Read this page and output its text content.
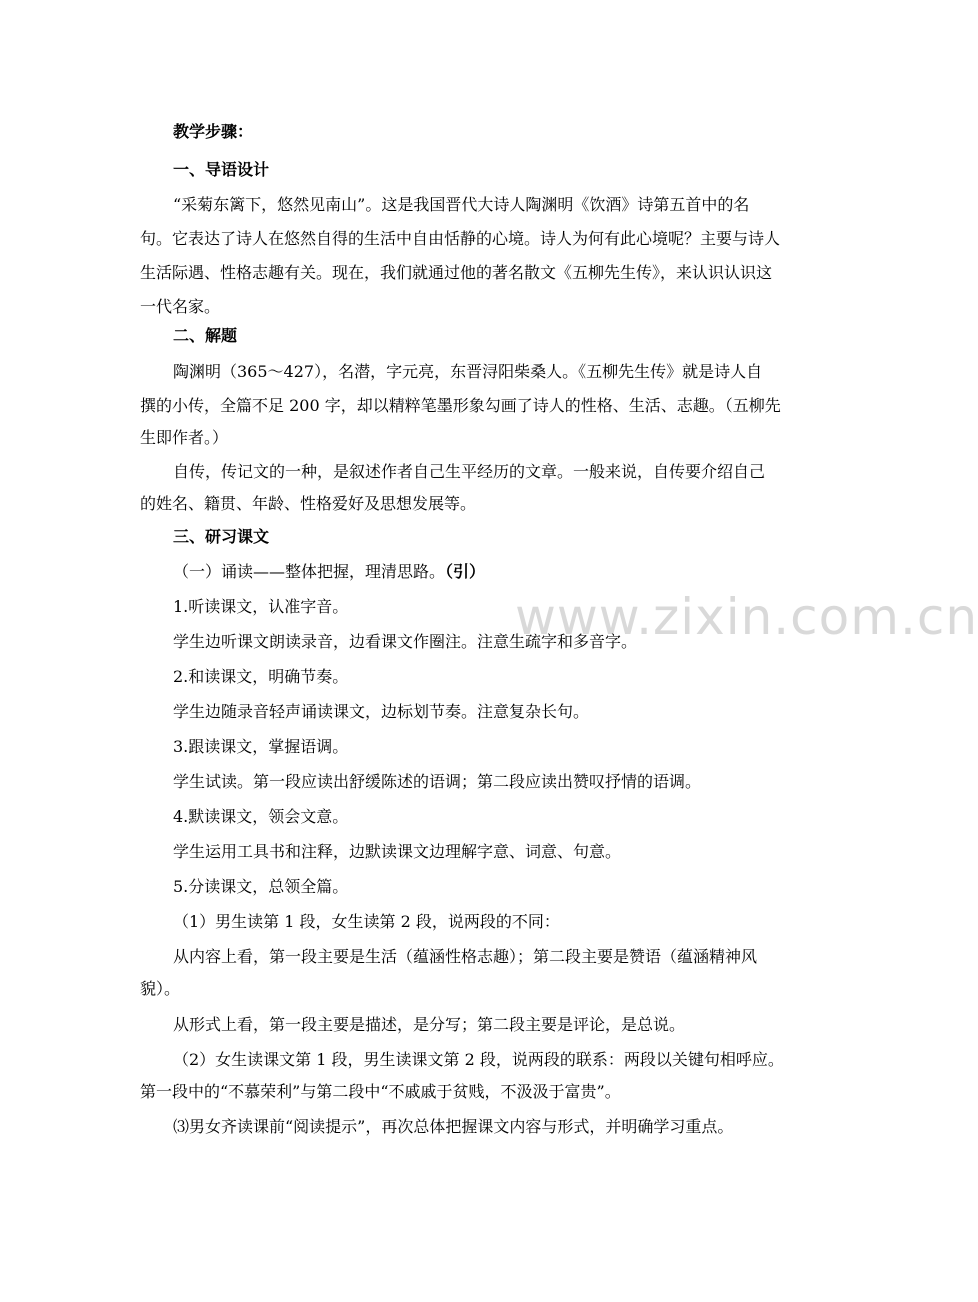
www.zixin.com.cn
教学步骤：
一、导语设计
“采菊东篱下，悠然见南山”。这是我国晋代大诗人陶渊明《饮酒》诗第五首中的名
句。它表达了诗人在悠然自得的生活中自由恬静的心境。诗人为何有此心境呢？主要与诗人
生活际遇、性格志趣有关。现在，我们就通过他的著名散文《五柳先生传》，来认识认识这
一代名家。
二、解题
陶渊明（365～427），名潜，字元亮，东晋浔阳柴桑人。《五柳先生传》就是诗人自
撰的小传，全篇不足 200 字，却以精粹笔墨形象勾画了诗人的性格、生活、志趣。（五柳先
生即作者。）
自传，传记文的一种，是叙述作者自己生平经历的文章。一般来说，自传要介绍自己
的姓名、籍贯、年龄、性格爱好及思想发展等。
三、研习课文
（一）诵读——整体把握，理清思路。（引）
1.听读课文，认准字音。
学生边听课文朗读录音，边看课文作圈注。注意生疏字和多音字。
2.和读课文，明确节奏。
学生边随录音轻声诵读课文，边标划节奏。注意复杂长句。
3.跟读课文，掌握语调。
学生试读。第一段应读出舒缓陈述的语调；第二段应读出赞叹抒情的语调。
4.默读课文，领会文意。
学生运用工具书和注释，边默读课文边理解字意、词意、句意。
5.分读课文，总领全篇。
（1）男生读第 1 段，女生读第 2 段，说两段的不同：
从内容上看，第一段主要是生活（蕴涵性格志趣）；第二段主要是赞语（蕴涵精神风
貌）。
从形式上看，第一段主要是描述，是分写；第二段主要是评论，是总说。
（2）女生读课文第 1 段，男生读课文第 2 段，说两段的联系：两段以关键句相呼应。
第一段中的“不慕荣利”与第二段中“不戚戚于贫贱，不汲汲于富贵”。
⑶男女齐读课前“阅读提示”，再次总体把握课文内容与形式，并明确学习重点。
